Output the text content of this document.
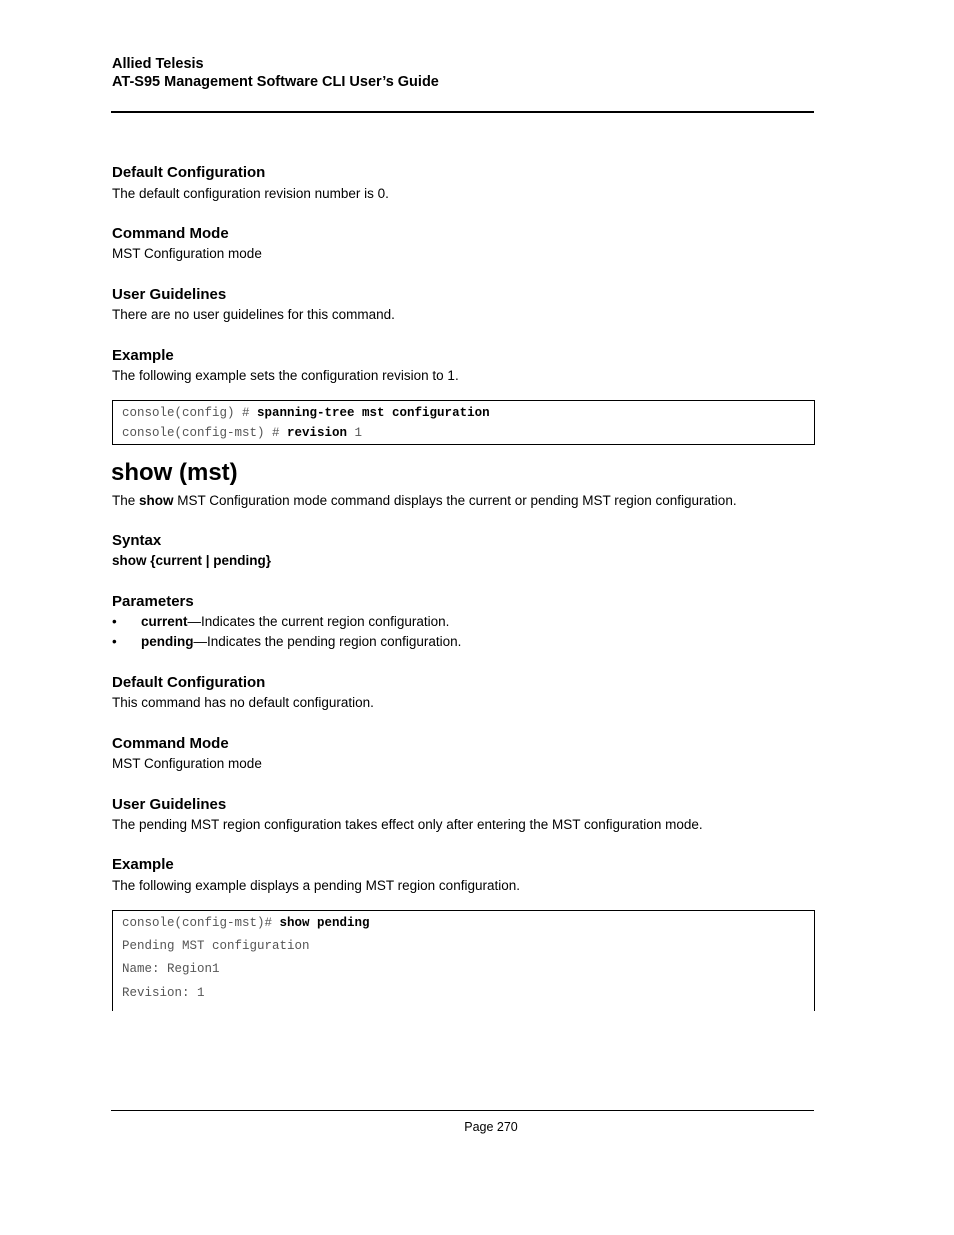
Allied Telesis
AT-S95 Management Software CLI User’s Guide
Default Configuration
The default configuration revision number is 0.
Command Mode
MST Configuration mode
User Guidelines
There are no user guidelines for this command.
Example
The following example sets the configuration revision to 1.
console(config) # spanning-tree mst configuration
console(config-mst) # revision 1
show (mst)
The show MST Configuration mode command displays the current or pending MST region configuration.
Syntax
show {current | pending}
Parameters
• current—Indicates the current region configuration.
• pending—Indicates the pending region configuration.
Default Configuration
This command has no default configuration.
Command Mode
MST Configuration mode
User Guidelines
The pending MST region configuration takes effect only after entering the MST configuration mode.
Example
The following example displays a pending MST region configuration.
console(config-mst)# show pending
Pending MST configuration
Name: Region1
Revision: 1
Page 270
